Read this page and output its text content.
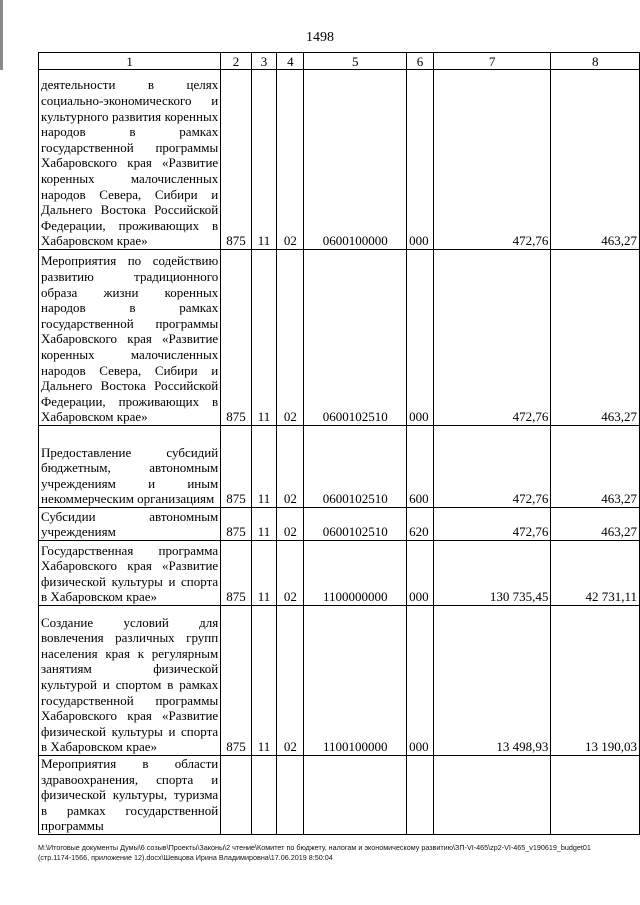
1498
1	2	3	4	5	6	7	8
деятельности в целях социально-экономического и культурного развития коренных народов в рамках государственной программы Хабаровского края «Развитие коренных малочисленных народов Севера, Сибири и Дальнего Востока Российской Федерации, проживающих в Хабаровском крае»	875	11	02	0600100000	000	472,76	463,27
Мероприятия по содействию развитию традиционного образа жизни коренных народов в рамках государственной программы Хабаровского края «Развитие коренных малочисленных народов Севера, Сибири и Дальнего Востока Российской Федерации, проживающих в Хабаровском крае»	875	11	02	0600102510	000	472,76	463,27
Предоставление субсидий бюджетным, автономным учреждениям и иным некоммерческим организациям	875	11	02	0600102510	600	472,76	463,27
Субсидии автономным учреждениям	875	11	02	0600102510	620	472,76	463,27
Государственная программа Хабаровского края «Развитие физической культуры и спорта в Хабаровском крае»	875	11	02	1100000000	000	130 735,45	42 731,11
Создание условий для вовлечения различных групп населения края к регулярным занятиям физической культурой и спортом в рамках государственной программы Хабаровского края «Развитие физической культуры и спорта в Хабаровском крае»	875	11	02	1100100000	000	13 498,93	13 190,03
Мероприятия в области здравоохранения, спорта и физической культуры, туризма в рамках государственной программы							
М:\Итоговые документы Думы\6 созыв\Проекты\Законы\2 чтение\Комитет по бюджету, налогам и экономическому развитию\ЗП-VI-465\zp2-VI-465_v190619_budget01
(стр.1174-1566, приложение 12).docx\Шевцова Ирина Владимировна\17.06.2019 8:50:04
